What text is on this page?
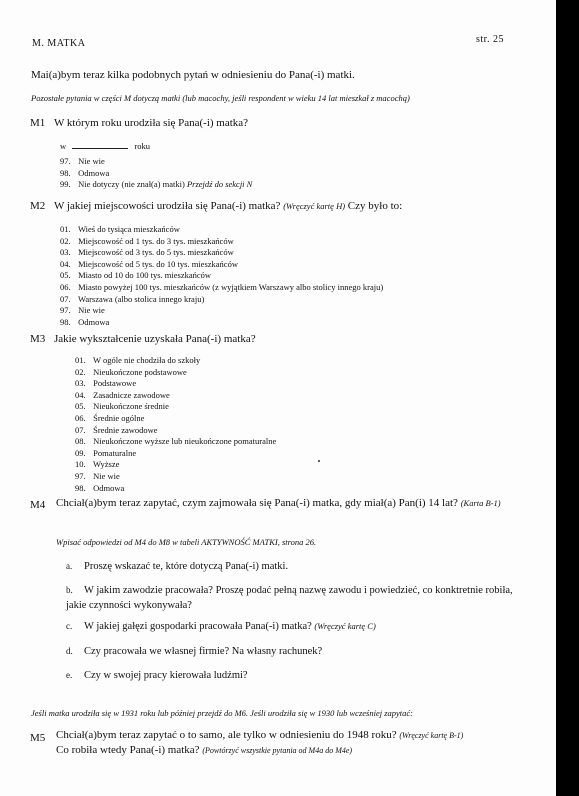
M. MATKA	str. 25
Mai(a)bym teraz kilka podobnych pytań w odniesieniu do Pana(-i) matki.
Pozostałe pytania w części M dotyczą matki (lub macochy, jeśli respondent w wieku 14 lat mieszkał z macochą)
M1 W którym roku urodziła się Pana(-i) matka?
w	roku
97. Nie wie
98. Odmowa
99. Nie dotyczy (nie znał(a) matki) Przejdź do sekcji N
M2 W jakiej miejscowości urodziła się Pana(-i) matka? (Wręczyć kartę H) Czy było to:
01. Wieś do tysiąca mieszkańców
02. Miejscowość od 1 tys. do 3 tys. mieszkańców
03. Miejscowość od 3 tys. do 5 tys. mieszkańców
04. Miejscowość od 5 tys. do 10 tys. mieszkańców
05. Miasto od 10 do 100 tys. mieszkańców
06. Miasto powyżej 100 tys. mieszkańców (z wyjątkiem Warszawy albo stolicy innego kraju)
07. Warszawa (albo stolica innego kraju)
97. Nie wie
98. Odmowa
M3 Jakie wykształcenie uzyskała Pana(-i) matka?
01. W ogóle nie chodziła do szkoły
02. Nieukończone podstawowe
03. Podstawowe
04. Zasadnicze zawodowe
05. Nieukończone średnie
06. Średnie ogólne
07. Średnie zawodowe
08. Nieukończone wyższe lub nieukończone pomaturalne
09. Pomaturalne
10. Wyższe
97. Nie wie
98. Odmowa
M4 Chciał(a)bym teraz zapytać, czym zajmowała się Pana(-i) matka, gdy miał(a) Pan(i) 14 lat? (Karta B-1)
Wpisać odpowiedzi od M4 do M8 w tabeli AKTYWNOŚĆ MATKI, strona 26.
a. Proszę wskazać te, które dotyczą Pana(-i) matki.
b. W jakim zawodzie pracowała? Proszę podać pełną nazwę zawodu i powiedzieć, co konktretnie robiła, jakie czynności wykonywała?
c. W jakiej gałęzi gospodarki pracowała Pana(-i) matka? (Wręczyć kartę C)
d. Czy pracowała we własnej firmie? Na własny rachunek?
e. Czy w swojej pracy kierowała ludźmi?
Jeśli matka urodziła się w 1931 roku lub później przejdź do M6. Jeśli urodziła się w 1930 lub wcześniej zapytać:
M5 Chciał(a)bym teraz zapytać o to samo, ale tylko w odniesieniu do 1948 roku? (Wręczyć kartę B-1)
Co robiła wtedy Pana(-i) matka? (Powtórzyć wszystkie pytania od M4a do M4e)
